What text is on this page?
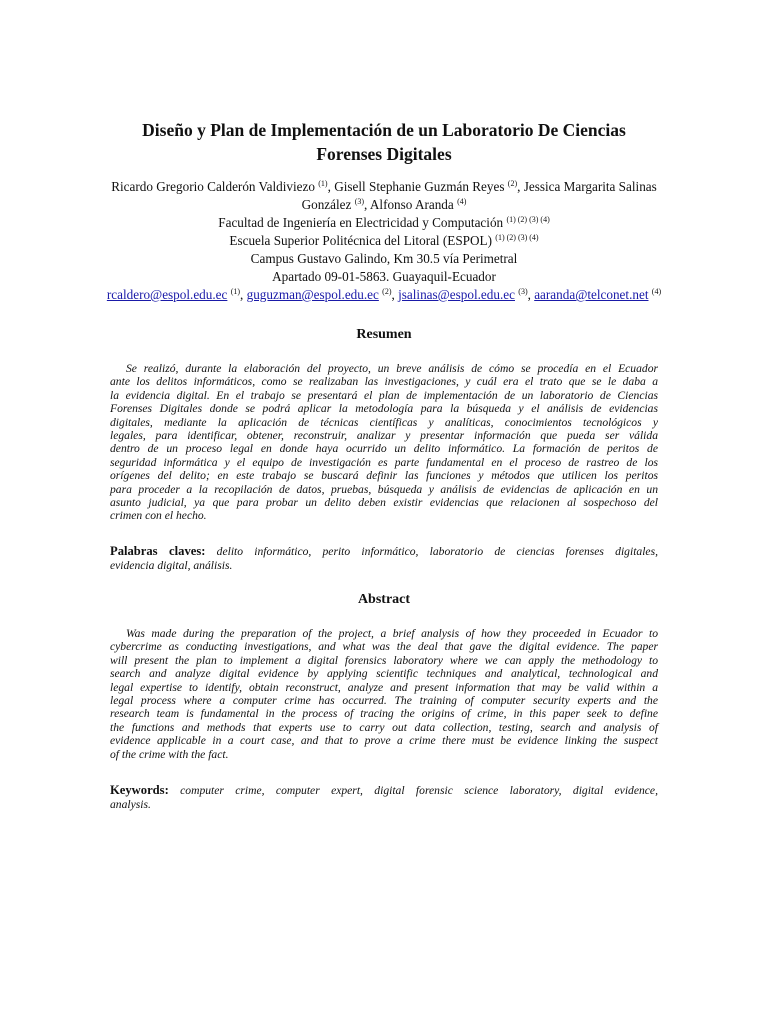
Diseño y Plan de Implementación de un Laboratorio De Ciencias
Forenses Digitales
Ricardo Gregorio Calderón Valdiviezo $^{(1)}$, Gisell Stephanie Guzmán Reyes $^{(2)}$, Jessica Margarita Salinas
González $^{(3)}$, Alfonso Aranda $^{(4)}$
Facultad de Ingeniería en Electricidad y Computación $^{(1) (2) (3) (4)}$
Escuela Superior Politécnica del Litoral (ESPOL) $^{(1) (2) (3) (4)}$
Campus Gustavo Galindo, Km 30.5 vía Perimetral
Apartado 09-01-5863. Guayaquil-Ecuador
rcaldero@espol.edu.ec $^{(1)}$, guguzman@espol.edu.ec $^{(2)}$, jsalinas@espol.edu.ec $^{(3)}$, aaranda@telconet.net $^{(4)}$
Resumen
Se realizó, durante la elaboración del proyecto, un breve análisis de cómo se procedía en el Ecuador
ante los delitos informáticos, como se realizaban las investigaciones, y cuál era el trato que se le daba a
la evidencia digital. En el trabajo se presentará el plan de implementación de un laboratorio de Ciencias
Forenses Digitales donde se podrá aplicar la metodología para la búsqueda y el análisis de evidencias
digitales, mediante la aplicación de técnicas científicas y analíticas, conocimientos tecnológicos y
legales, para identificar, obtener, reconstruir, analizar y presentar información que pueda ser válida
dentro de un proceso legal en donde haya ocurrido un delito informático. La formación de peritos de
seguridad informática y el equipo de investigación es parte fundamental en el proceso de rastreo de los
orígenes del delito; en este trabajo se buscará definir las funciones y métodos que utilicen los peritos
para proceder a la recopilación de datos, pruebas, búsqueda y análisis de evidencias de aplicación en un
asunto judicial, ya que para probar un delito deben existir evidencias que relacionen al sospechoso del
crimen con el hecho.
Palabras claves: delito informático, perito informático, laboratorio de ciencias forenses digitales,
evidencia digital, análisis.
Abstract
Was made during the preparation of the project, a brief analysis of how they proceeded in Ecuador to
cybercrime as conducting investigations, and what was the deal that gave the digital evidence. The paper
will present the plan to implement a digital forensics laboratory where we can apply the methodology to
search and analyze digital evidence by applying scientific techniques and analytical, technological and
legal expertise to identify, obtain reconstruct, analyze and present information that may be valid within a
legal process where a computer crime has occurred. The training of computer security experts and the
research team is fundamental in the process of tracing the origins of crime, in this paper seek to define
the functions and methods that experts use to carry out data collection, testing, search and analysis of
evidence applicable in a court case, and that to prove a crime there must be evidence linking the suspect
of the crime with the fact.
Keywords: computer crime, computer expert, digital forensic science laboratory, digital evidence,
analysis.
